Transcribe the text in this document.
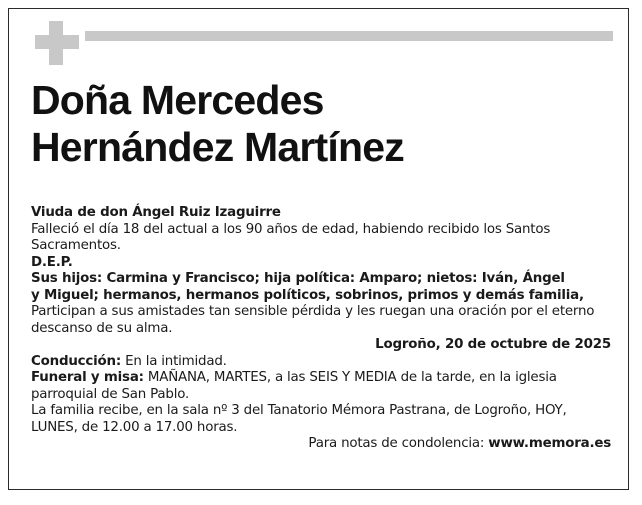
Doña Mercedes
Hernández Martínez

Viuda de don Ángel Ruiz Izaguirre

Falleció el día 18 del actual a los 90 años de edad, habiendo recibido los Santos Sacramentos.

D.E.P.

Sus hijos: Carmina y Francisco; hija política: Amparo; nietos: Iván, Ángel

y Miguel; hermanos, hermanos políticos, sobrinos, primos y demás familia,

Participan a sus amistades tan sensible pérdida y les ruegan una oración por el eterno descanso de su alma.

Logroño, 20 de octubre de 2025

Conducción: En la intimidad.

Funeral y misa: MAÑANA, MARTES, a las SEIS Y MEDIA de la tarde, en la iglesia parroquial de San Pablo.

La familia recibe, en la sala nº 3 del Tanatorio Mémora Pastrana, de Logroño, HOY, LUNES, de 12.00 a 17.00 horas.

Para notas de condolencia: www.memora.es
